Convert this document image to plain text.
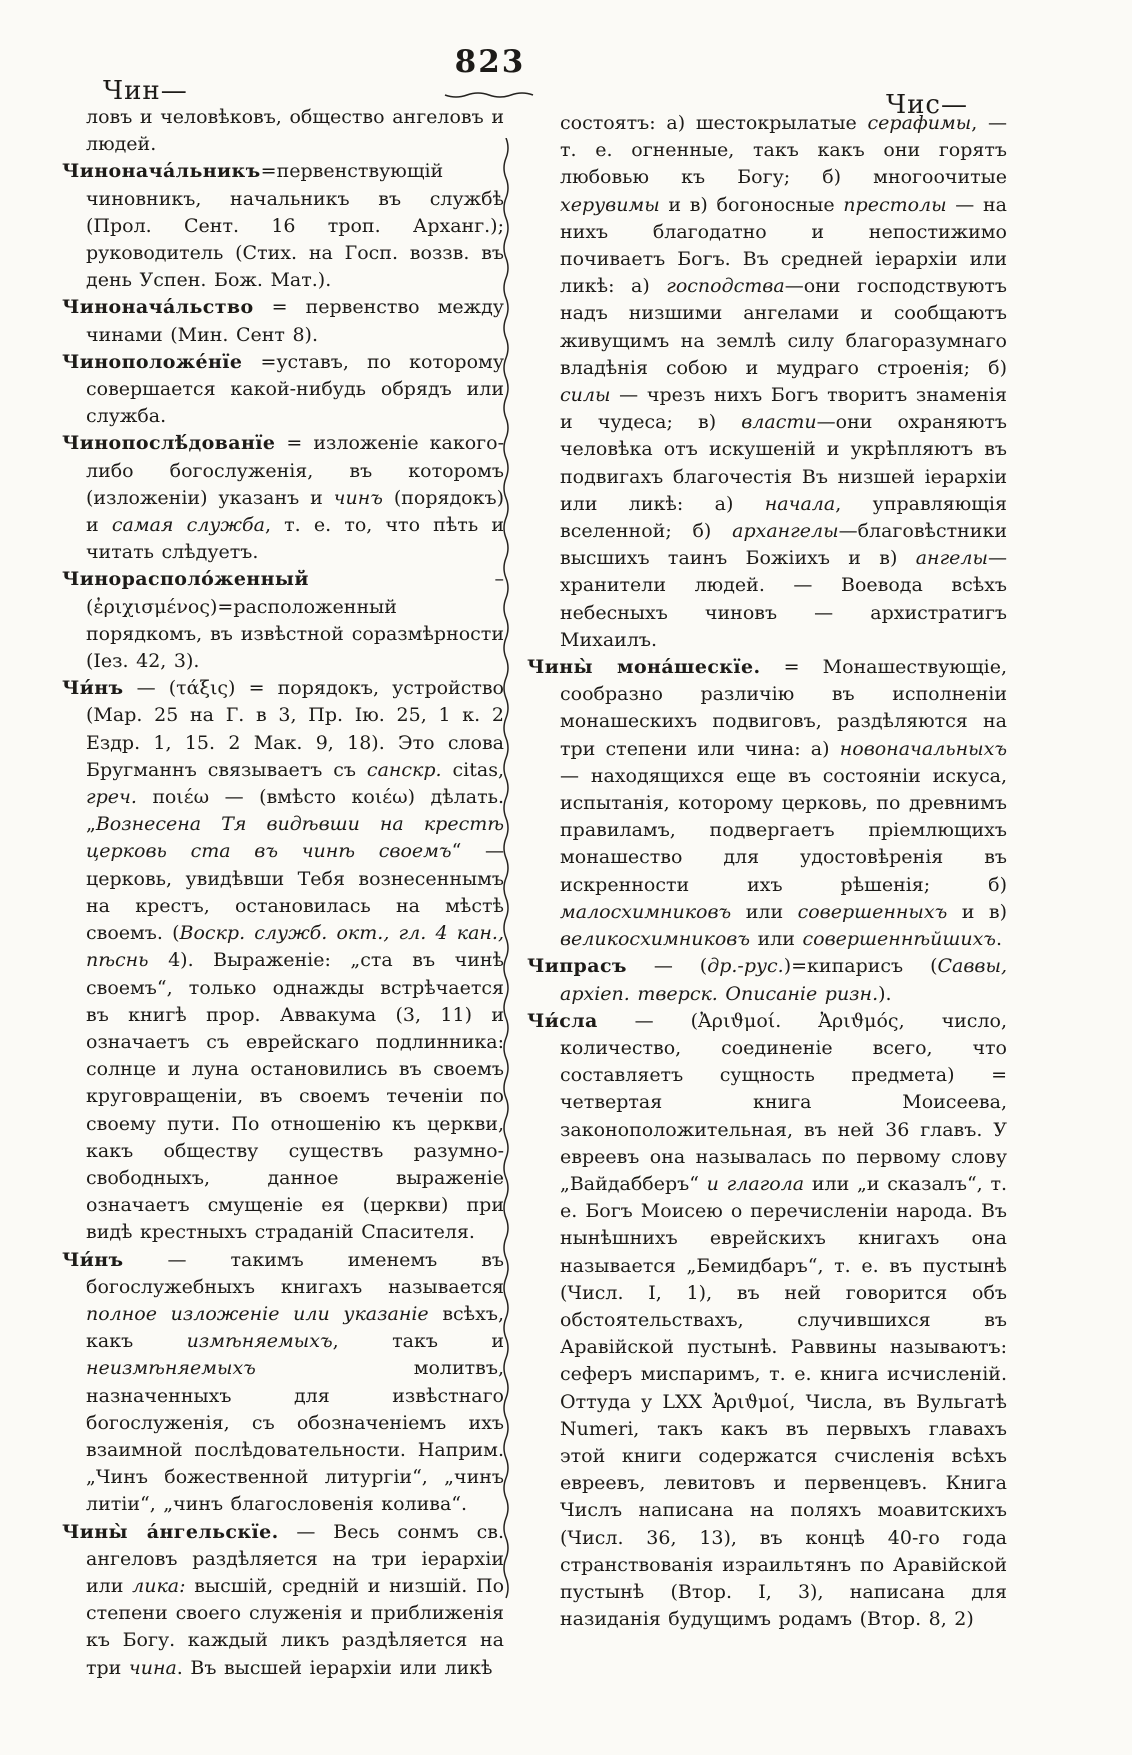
823
Чин—	Чис—

ловъ и человѣковъ, общество ангеловъ и людей.

Чинонача́льникъ=первенствующій чиновникъ, начальникъ въ службѣ (Прол. Сент. 16 троп. Арханг.); руководитель (Стих. на Госп. воззв. въ день Успен. Бож. Мат.).

Чинонача́льство = первенство между чинами (Мин. Сент 8).

Чиноположе́нїе =уставъ, по которому совершается какой-нибудь обрядъ или служба.

Чинопослѣ́дованїе = изложеніе какого-либо богослуженія, въ которомъ (изложеніи) указанъ и чинъ (порядокъ) и самая служба, т. е. то, что пѣть и читать слѣдуетъ.

Чинорасполо́женный – (ἐριχισμένος)=расположенный порядкомъ, въ извѣстной соразмѣрности (Іез. 42, 3).

Чи́нъ — (τάξις) = порядокъ, устройство (Мар. 25 на Г. в 3, Пр. Ію. 25, 1 к. 2 Ездр. 1, 15. 2 Мак. 9, 18). Это слова Бругманнъ связываетъ съ санскр. citas, греч. ποιέω — (вмѣсто κοιέω) дѣлать. „Вознесена Тя видѣвши на крестѣ церковь ста въ чинѣ своемъ“ — церковь, увидѣвши Тебя вознесеннымъ на крестъ, остановилась на мѣстѣ своемъ. (Воскр. служб. окт., гл. 4 кан., пѣснь 4). Выраженіе: „ста въ чинѣ своемъ“, только однажды встрѣчается въ книгѣ прор. Аввакума (3, 11) и означаетъ съ еврейскаго подлинника: солнце и луна остановились въ своемъ круговращеніи, въ своемъ теченіи по своему пути. По отношенію къ церкви, какъ обществу существъ разумно-свободныхъ, данное выраженіе означаетъ смущеніе ея (церкви) при видѣ крестныхъ страданій Спасителя.

Чи́нъ — такимъ именемъ въ богослужебныхъ книгахъ называется полное изложеніе или указаніе всѣхъ, какъ измѣняемыхъ, такъ и неизмѣняемыхъ молитвъ, назначенныхъ для извѣстнаго богослуженія, съ обозначеніемъ ихъ взаимной послѣдовательности. Наприм. „Чинъ божественной литургіи“, „чинъ литіи“, „чинъ благословенія колива“.

Чины̀ а́нгельскїе. — Весь сонмъ св. ангеловъ раздѣляется на три іерархіи или лика: высшій, средній и низшій. По степени своего служенія и приближенія къ Богу. каждый ликъ раздѣляется на три чина. Въ высшей іерархіи или ликѣ

состоятъ: а) шестокрылатые серафимы, — т. е. огненные, такъ какъ они горятъ любовью къ Богу; б) многоочитые херувимы и в) богоносные престолы — на нихъ благодатно и непостижимо почиваетъ Богъ. Въ средней іерархіи или ликѣ: а) господства—они господствуютъ надъ низшими ангелами и сообщаютъ живущимъ на землѣ силу благоразумнаго владѣнія собою и мудраго строенія; б) силы — чрезъ нихъ Богъ творитъ знаменія и чудеса; в) власти—они охраняютъ человѣка отъ искушеній и укрѣпляютъ въ подвигахъ благочестія Въ низшей іерархіи или ликѣ: а) начала, управляющія вселенной; б) архангелы—благовѣстники высшихъ таинъ Божіихъ и в) ангелы—хранители людей. — Воевода всѣхъ небесныхъ чиновъ — архистратигъ Михаилъ.

Чины̀ мона́шескїе. = Монашествующіе, сообразно различію въ исполненіи монашескихъ подвиговъ, раздѣляются на три степени или чина: а) новоначальныхъ — находящихся еще въ состояніи искуса, испытанія, которому церковь, по древнимъ правиламъ, подвергаетъ пріемлющихъ монашество для удостовѣренія въ искренности ихъ рѣшенія; б) малосхимниковъ или совершенныхъ и в) великосхимниковъ или совершеннѣйшихъ.

Чипрасъ — (др.-рус.)=кипарисъ (Саввы, архіеп. тверск. Описаніе ризн.).

Чи́сла — (Ἀριϑμοί. Ἀριϑμός, число, количество, соединеніе всего, что составляетъ сущность предмета) = четвертая книга Моисеева, законоположительная, въ ней 36 главъ. У евреевъ она называлась по первому слову „Вайдабберъ“ и глагола или „и сказалъ“, т. е. Богъ Моисею о перечисленіи народа. Въ нынѣшнихъ еврейскихъ книгахъ она называется „Бемидбаръ“, т. е. въ пустынѣ (Числ. I, 1), въ ней говорится объ обстоятельствахъ, случившихся въ Аравійской пустынѣ. Раввины называютъ: сеферъ миспаримъ, т. е. книга исчисленій. Оттуда у LXX Ἀριϑμοί, Числа, въ Вульгатѣ Numeri, такъ какъ въ первыхъ главахъ этой книги содержатся счисленія всѣхъ евреевъ, левитовъ и первенцевъ. Книга Числъ написана на поляхъ моавитскихъ (Числ. 36, 13), въ концѣ 40-го года странствованія израильтянъ по Аравійской пустынѣ (Втор. I, 3), написана для назиданія будущимъ родамъ (Втор. 8, 2)
